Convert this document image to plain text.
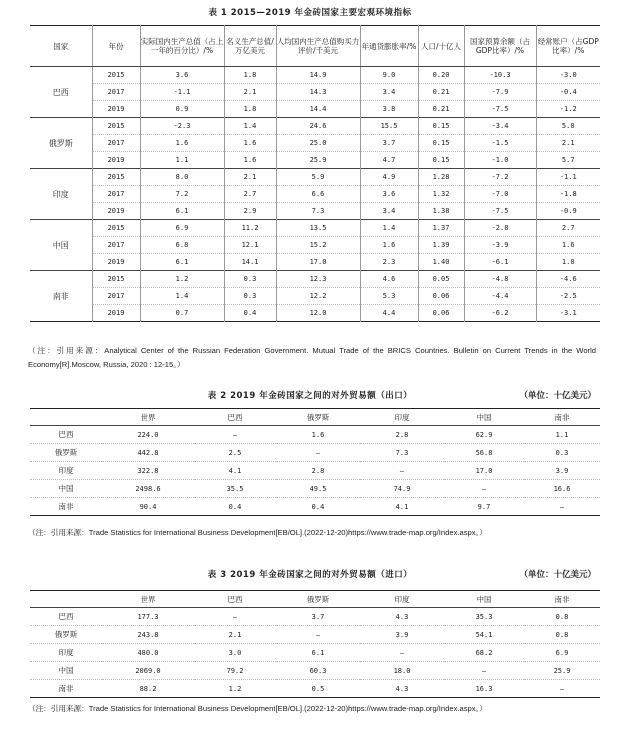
表 1 2015—2019 年金砖国家主要宏观环境指标
国家	年份	实际国内生产总值（占上一年的百分比）/%	名义生产总值/万亿美元	人均国内生产总值购买力评价/千美元	年通货膨胀率/%	人口/十亿人	国家预算余额（占GDP比率）/%	经常账户（占GDP比率）/%
巴西	2015	3.6	1.8	14.9	9.0	0.20	-10.3	-3.0
	2017	-1.1	2.1	14.3	3.4	0.21	-7.9	-0.4
	2019	0.9	1.8	14.4	3.8	0.21	-7.5	-1.2
俄罗斯	2015	-2.3	1.4	24.6	15.5	0.15	-3.4	5.0
	2017	1.6	1.6	25.0	3.7	0.15	-1.5	2.1
	2019	1.1	1.6	25.9	4.7	0.15	-1.0	5.7
印度	2015	8.0	2.1	5.9	4.9	1.28	-7.2	-1.1
	2017	7.2	2.7	6.6	3.6	1.32	-7.0	-1.8
	2019	6.1	2.9	7.3	3.4	1.38	-7.5	-0.9
中国	2015	6.9	11.2	13.5	1.4	1.37	-2.8	2.7
	2017	6.8	12.1	15.2	1.6	1.39	-3.9	1.6
	2019	6.1	14.1	17.0	2.3	1.40	-6.1	1.0
南非	2015	1.2	0.3	12.3	4.6	0.05	-4.8	-4.6
	2017	1.4	0.3	12.2	5.3	0.06	-4.4	-2.5
	2019	0.7	0.4	12.0	4.4	0.06	-6.2	-3.1
（注：引用来源：Analytical Center of the Russian Federation Government. Mutual Trade of the BRICS Countries. Bulletin on Current Trends in the World Economy[R].Moscow, Russia, 2020 : 12-15。）
表 2 2019 年金砖国家之间的对外贸易额（出口）	（单位：十亿美元）
	世界	巴西	俄罗斯	印度	中国	南非
巴西	224.0	–	1.6	2.8	62.9	1.1
俄罗斯	442.8	2.5	–	7.3	56.8	0.3
印度	322.8	4.1	2.8	–	17.0	3.9
中国	2498.6	35.5	49.5	74.9	–	16.6
南非	90.4	0.4	0.4	4.1	9.7	–
（注：引用来源：Trade Statistics for International Business Development[EB/OL].(2022-12-20)https://www.trade-map.org/Index.aspx。）
表 3 2019 年金砖国家之间的对外贸易额（进口）	（单位：十亿美元）
	世界	巴西	俄罗斯	印度	中国	南非
巴西	177.3	–	3.7	4.3	35.3	0.8
俄罗斯	243.8	2.1	–	3.9	54.1	0.8
印度	480.0	3.0	6.1	–	68.2	6.9
中国	2069.0	79.2	60.3	18.0	–	25.9
南非	88.2	1.2	0.5	4.3	16.3	–
（注：引用来源：Trade Statistics for International Business Development[EB/OL].(2022-12-20)https://www.trade-map.org/Index.aspx。）
